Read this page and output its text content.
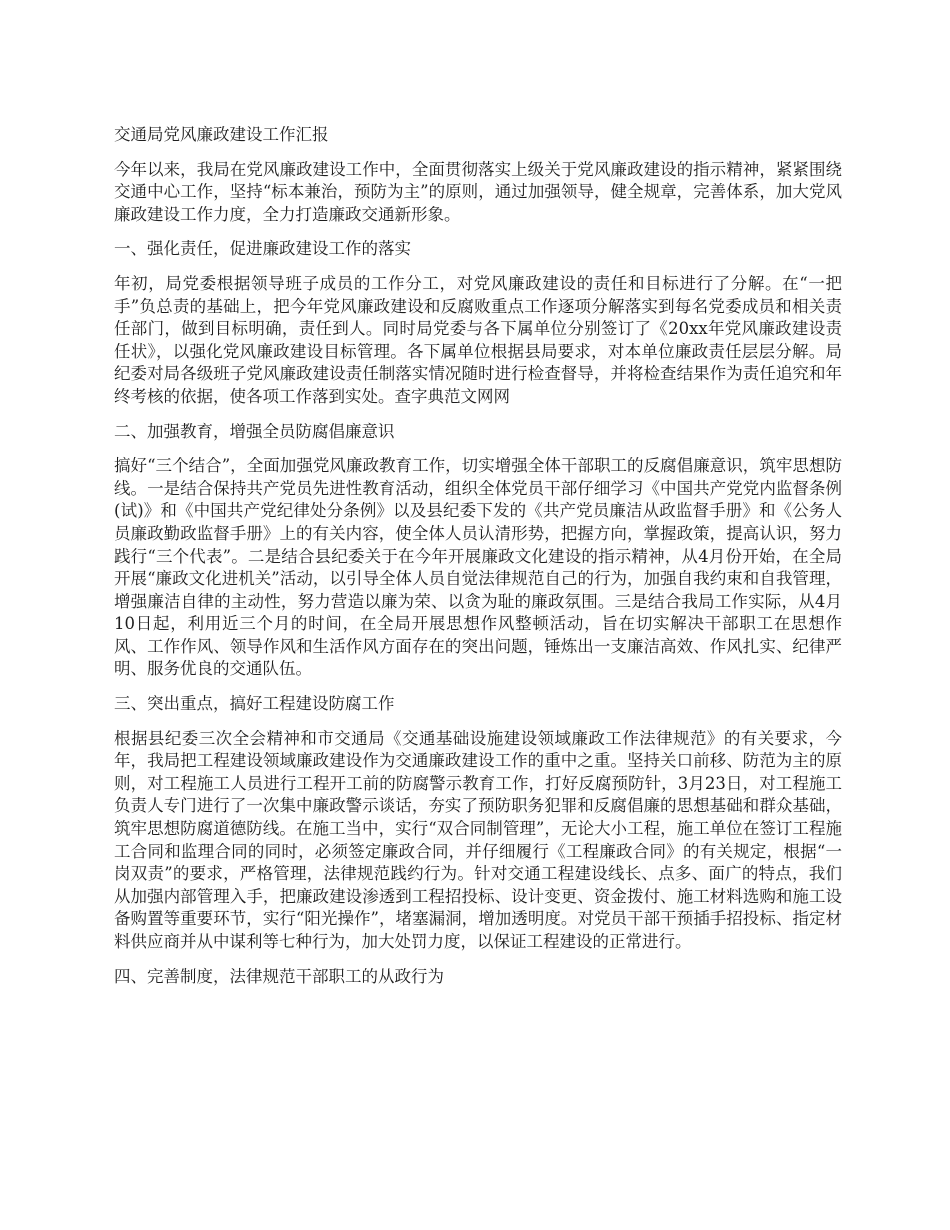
交通局党风廉政建设工作汇报
今年以来，我局在党风廉政建设工作中，全面贯彻落实上级关于党风廉政建设的指示精神，紧紧围绕交通中心工作，坚持“标本兼治，预防为主”的原则，通过加强领导，健全规章，完善体系，加大党风廉政建设工作力度，全力打造廉政交通新形象。
一、强化责任，促进廉政建设工作的落实
年初，局党委根据领导班子成员的工作分工，对党风廉政建设的责任和目标进行了分解。在“一把手”负总责的基础上，把今年党风廉政建设和反腐败重点工作逐项分解落实到每名党委成员和相关责任部门，做到目标明确，责任到人。同时局党委与各下属单位分别签订了《20xx年党风廉政建设责任状》，以强化党风廉政建设目标管理。各下属单位根据县局要求，对本单位廉政责任层层分解。局纪委对局各级班子党风廉政建设责任制落实情况随时进行检查督导，并将检查结果作为责任追究和年终考核的依据，使各项工作落到实处。查字典范文网网
二、加强教育，增强全员防腐倡廉意识
搞好“三个结合”，全面加强党风廉政教育工作，切实增强全体干部职工的反腐倡廉意识，筑牢思想防线。一是结合保持共产党员先进性教育活动，组织全体党员干部仔细学习《中国共产党党内监督条例(试)》和《中国共产党纪律处分条例》以及县纪委下发的《共产党员廉洁从政监督手册》和《公务人员廉政勤政监督手册》上的有关内容，使全体人员认清形势，把握方向，掌握政策，提高认识，努力践行“三个代表”。二是结合县纪委关于在今年开展廉政文化建设的指示精神，从4月份开始，在全局开展“廉政文化进机关”活动，以引导全体人员自觉法律规范自己的行为，加强自我约束和自我管理，增强廉洁自律的主动性，努力营造以廉为荣、以贪为耻的廉政氛围。三是结合我局工作实际，从4月10日起，利用近三个月的时间，在全局开展思想作风整顿活动，旨在切实解决干部职工在思想作风、工作作风、领导作风和生活作风方面存在的突出问题，锤炼出一支廉洁高效、作风扎实、纪律严明、服务优良的交通队伍。
三、突出重点，搞好工程建设防腐工作
根据县纪委三次全会精神和市交通局《交通基础设施建设领域廉政工作法律规范》的有关要求，今年，我局把工程建设领域廉政建设作为交通廉政建设工作的重中之重。坚持关口前移、防范为主的原则，对工程施工人员进行工程开工前的防腐警示教育工作，打好反腐预防针，3月23日，对工程施工负责人专门进行了一次集中廉政警示谈话，夯实了预防职务犯罪和反腐倡廉的思想基础和群众基础，筑牢思想防腐道德防线。在施工当中，实行“双合同制管理”，无论大小工程，施工单位在签订工程施工合同和监理合同的同时，必须签定廉政合同，并仔细履行《工程廉政合同》的有关规定，根据“一岗双责”的要求，严格管理，法律规范践约行为。针对交通工程建设线长、点多、面广的特点，我们从加强内部管理入手，把廉政建设渗透到工程招投标、设计变更、资金拨付、施工材料选购和施工设备购置等重要环节，实行“阳光操作”，堵塞漏洞，增加透明度。对党员干部干预插手招投标、指定材料供应商并从中谋利等七种行为，加大处罚力度，以保证工程建设的正常进行。
四、完善制度，法律规范干部职工的从政行为
